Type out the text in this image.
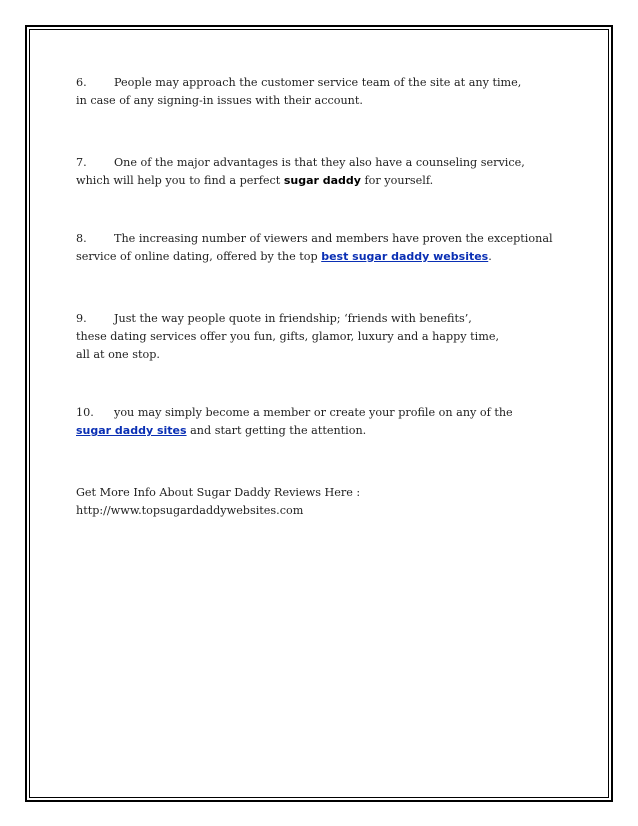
6. People may approach the customer service team of the site at any time,

in case of any signing-in issues with their account.

7. One of the major advantages is that they also have a counseling service,

which will help you to find a perfect sugar daddy for yourself.

8. The increasing number of viewers and members have proven the exceptional

service of online dating, offered by the top best sugar daddy websites.

9. Just the way people quote in friendship; ‘friends with benefits’,

these dating services offer you fun, gifts, glamor, luxury and a happy time,

all at one stop.

10. you may simply become a member or create your profile on any of the

sugar daddy sites and start getting the attention.

Get More Info About Sugar Daddy Reviews Here :

http://www.topsugardaddywebsites.com
